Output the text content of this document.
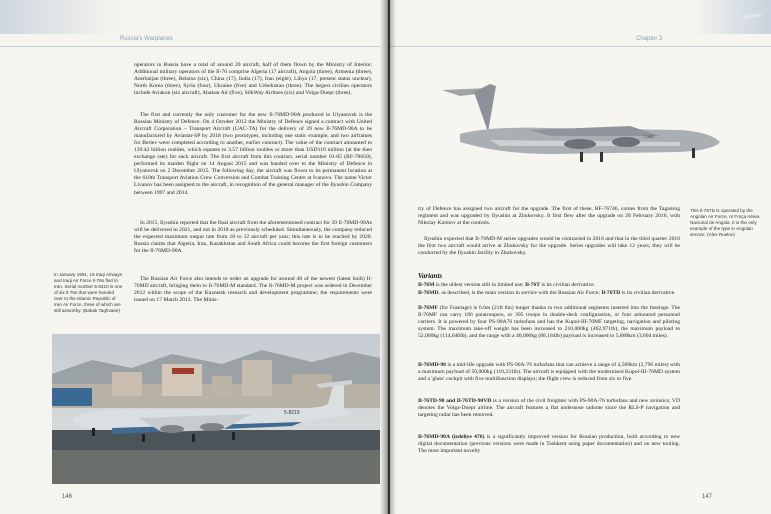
Russia's Warplanes

operators in Russia have a total of around 20 aircraft, half of them flown by the Ministry of Interior. Additional military operators of the Il-76 comprise Algeria (17 aircraft), Angola (three), Armenia (three), Azerbaijan (three), Belarus (six), China (17), India (17), Iran (eight), Libya (17, present status unclear), North Korea (three), Syria (four), Ukraine (five) and Uzbekistan (three). The largest civilian operators include Aviakon (six aircraft), Abakan Air (five), SilkWay Airlines (six) and Volga-Dnepr (three).

The first and currently the only customer for the new Il-76MD-90A produced in Ulyanovsk is the Russian Ministry of Defence. On 4 October 2012 the Ministry of Defence signed a contract with United Aircraft Corporation – Transport Aircraft (UAC-TA) for the delivery of 39 new Il-76MD-90A to be manufactured by Aviastar-SP by 2018 (two prototypes, including one static example, and two airframes for Beriev were completed according to another, earlier contract). The value of the contract amounted to 139.42 billion roubles, which equates to 3.57 billion roubles or more than USD110 million (at the then exchange rate) for each aircraft. The first aircraft from this contract, serial number 01-05 (RF-78650), performed its maiden flight on 14 August 2015 and was handed over to the Ministry of Defence in Ulyanovsk on 2 December 2015. The following day, the aircraft was flown to its permanent location at the 610th Transport Aviation Crew Conversion and Combat Training Centre at Ivanovo. The name Victor Livanov has been assigned to the aircraft, in recognition of the general manager of the Ilyushin Company between 1997 and 2014.

In 2015, Ilyushin reported that the final aircraft from the aforementioned contract for 39 Il-76MD-90As will be delivered in 2021, and not in 2018 as previously scheduled. Simultaneously, the company reduced the expected maximum output rate from 18 to 12 aircraft per year; this rate is to be reached by 2020. Russia claims that Algeria, Iran, Kazakhstan and South Africa could become the first foreign customers for the Il-76MD-90A.

The Russian Air Force also intends to order an upgrade for around 40 of the newest (latest built) Il-76MD aircraft, bringing them to Il-76MD-M standard. The Il-76MD-M project was ordered in December 2012 within the scope of the Kuznetsk research and development programme; the requirements were issued on 17 March 2013. The Minis-

In January 1991, 15 Iraqi Airways and Iraqi Air Force Il-76s fled to Iran. Serial number 5-8210 is one of six Il-76s that were handed over to the Islamic Republic of Iran Air Force, three of which are still airworthy. (Babak Taghvaee)

5-8210
146
Chapter 3
T-802

This Il-76TD is operated by the Angolan Air Force, or Força Aérea Nacional de Angola. It is the only example of the type in Angolan service. (Alex Ruelon)

try of Defence has assigned two aircraft for the upgrade. The first of these, RF-76746, comes from the Taganrog regiment and was upgraded by Ilyushin at Zhukovsky. It first flew after the upgrade on 28 February 2016, with Nikolay Kuimov at the controls.

Ilyushin expected that Il-76MD-M series upgrades would be contracted in 2016 and that in the third quarter 2016 the first two aircraft would arrive at Zhukovsky for the upgrade. Series upgrades will take 12 years; they will be conducted by the Ilyushin facility in Zhukovsky.

Variants

Il-76M is the oldest version still in limited use; Il-76T is its civilian derivative.

Il-76MD, as described, is the main version in service with the Russian Air Force; Il-76TD is its civilian derivative.

Il-76MF (for Fuselage) is 6.6m (21ft 8in) longer thanks to two additional segments inserted into the fuselage. The Il-76MF can carry 186 paratroopers, or 305 troops in double-deck configuration, or four armoured personnel carriers. It is powered by four PS-90A76 turbofans and has the Kupol-III-76MF targeting, navigation and piloting system. The maximum take-off weight has been increased to 210,000kg (462,971lb), the maximum payload to 52,000kg (114,640lb), and the range with a 40,000kg (88,184lb) payload is increased to 5,800km (3,604 miles).

Il-76MD-90 is a mid-life upgrade with PS-90A-76 turbofans that can achieve a range of 4,500km (2,796 miles) with a maximum payload of 50,000kg (110,231lb). The aircraft is equipped with the modernised Kupol-III-76MD system and a 'glass' cockpit with five multifunction displays; the flight crew is reduced from six to five.

Il-76TD-90 and Il-76TD-90VD is a version of the civil freighter with PS-90A-76 turbofans and new avionics; VD denotes the Volga-Dnepr airline. The aircraft features a flat undernose radome since the RLS-P navigation and targeting radar has been removed.

Il-76MD-90A (izdeliye 476) is a significantly improved version for Russian production, built according to new digital documentation (previous versions were made in Tashkent using paper documentation) and on new tooling. The most important novelty

147
